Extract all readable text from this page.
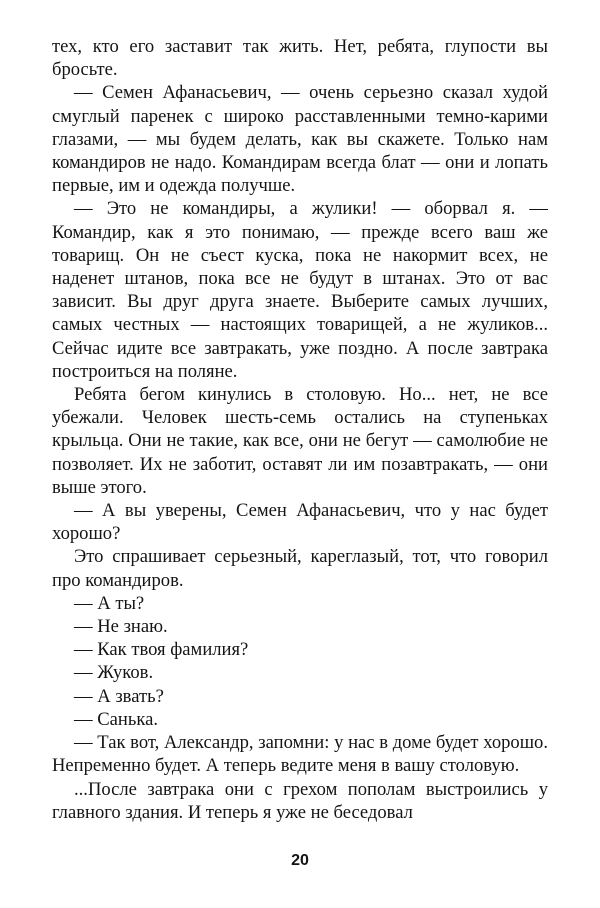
тех, кто его заставит так жить. Нет, ребята, глупости вы бросьте.

— Семен Афанасьевич, — очень серьезно сказал худой смуглый паренек с широко расставленными темно-карими глазами, — мы будем делать, как вы скажете. Только нам командиров не надо. Командирам всегда блат — они и лопать первые, им и одежда получше.

— Это не командиры, а жулики! — оборвал я. — Командир, как я это понимаю, — прежде всего ваш же товарищ. Он не съест куска, пока не накормит всех, не наденет штанов, пока все не будут в штанах. Это от вас зависит. Вы друг друга знаете. Выберите самых лучших, самых честных — настоящих товарищей, а не жуликов... Сейчас идите все завтракать, уже поздно. А после завтрака построиться на поляне.

Ребята бегом кинулись в столовую. Но... нет, не все убежали. Человек шесть-семь остались на ступеньках крыльца. Они не такие, как все, они не бегут — самолюбие не позволяет. Их не заботит, оставят ли им позавтракать, — они выше этого.

— А вы уверены, Семен Афанасьевич, что у нас будет хорошо?

Это спрашивает серьезный, кареглазый, тот, что говорил про командиров.

— А ты?

— Не знаю.

— Как твоя фамилия?

— Жуков.

— А звать?

— Санька.

— Так вот, Александр, запомни: у нас в доме будет хорошо. Непременно будет. А теперь ведите меня в вашу столовую.

...После завтрака они с грехом пополам выстроились у главного здания. И теперь я уже не беседовал

20
